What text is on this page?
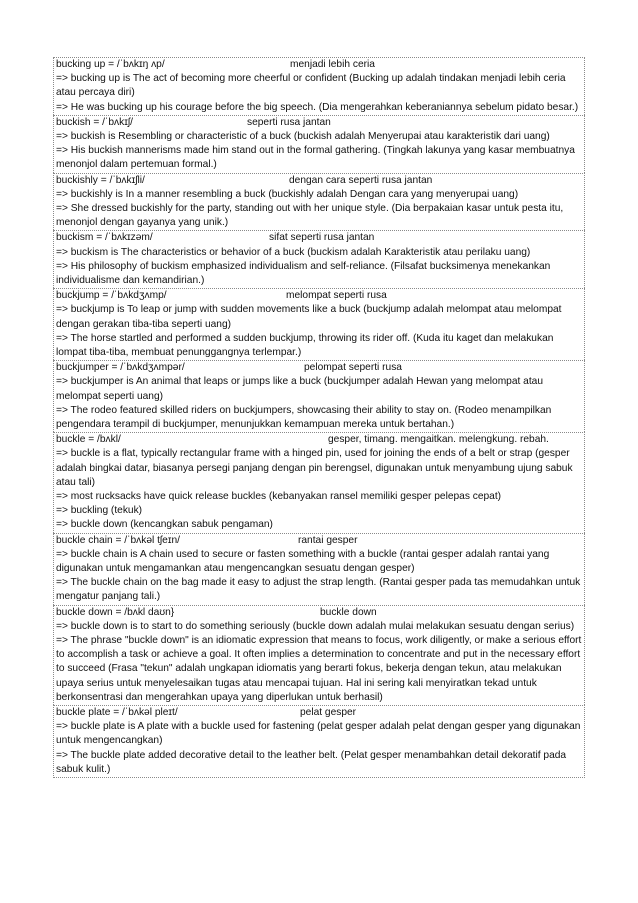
bucking up = /ˈbʌkɪŋ ʌp/	menjadi lebih ceria
=> bucking up is The act of becoming more cheerful or confident (Bucking up adalah tindakan menjadi lebih ceria atau percaya diri)
=> He was bucking up his courage before the big speech. (Dia mengerahkan keberaniannya sebelum pidato besar.)
buckish = /ˈbʌkɪʃ/	seperti rusa jantan
=> buckish is Resembling or characteristic of a buck (buckish adalah Menyerupai atau karakteristik dari uang)
=> His buckish mannerisms made him stand out in the formal gathering. (Tingkah lakunya yang kasar membuatnya menonjol dalam pertemuan formal.)
buckishly = /ˈbʌkɪʃli/	dengan cara seperti rusa jantan
=> buckishly is In a manner resembling a buck (buckishly adalah Dengan cara yang menyerupai uang)
=> She dressed buckishly for the party, standing out with her unique style. (Dia berpakaian kasar untuk pesta itu, menonjol dengan gayanya yang unik.)
buckism = /ˈbʌkɪzəm/	sifat seperti rusa jantan
=> buckism is The characteristics or behavior of a buck (buckism adalah Karakteristik atau perilaku uang)
=> His philosophy of buckism emphasized individualism and self-reliance. (Filsafat bucksimenya menekankan individualisme dan kemandirian.)
buckjump = /ˈbʌkdʒʌmp/	melompat seperti rusa
=> buckjump is To leap or jump with sudden movements like a buck (buckjump adalah melompat atau melompat dengan gerakan tiba-tiba seperti uang)
=> The horse startled and performed a sudden buckjump, throwing its rider off. (Kuda itu kaget dan melakukan lompat tiba-tiba, membuat penunggangnya terlempar.)
buckjumper = /ˈbʌkdʒʌmpər/	pelompat seperti rusa
=> buckjumper is An animal that leaps or jumps like a buck (buckjumper adalah Hewan yang melompat atau melompat seperti uang)
=> The rodeo featured skilled riders on buckjumpers, showcasing their ability to stay on. (Rodeo menampilkan pengendara terampil di buckjumper, menunjukkan kemampuan mereka untuk bertahan.)
buckle = /bʌkl/	gesper, timang. mengaitkan. melengkung. rebah.
=> buckle is a flat, typically rectangular frame with a hinged pin, used for joining the ends of a belt or strap (gesper adalah bingkai datar, biasanya persegi panjang dengan pin berengsel, digunakan untuk menyambung ujung sabuk atau tali)
=> most rucksacks have quick release buckles (kebanyakan ransel memiliki gesper pelepas cepat)
=> buckling (tekuk)
=> buckle down (kencangkan sabuk pengaman)
buckle chain = /ˈbʌkəl tʃeɪn/	rantai gesper
=> buckle chain is A chain used to secure or fasten something with a buckle (rantai gesper adalah rantai yang digunakan untuk mengamankan atau mengencangkan sesuatu dengan gesper)
=> The buckle chain on the bag made it easy to adjust the strap length. (Rantai gesper pada tas memudahkan untuk mengatur panjang tali.)
buckle down = /bʌkl daʊn}	buckle down
=> buckle down is to start to do something seriously (buckle down adalah mulai melakukan sesuatu dengan serius)
=> The phrase "buckle down" is an idiomatic expression that means to focus, work diligently, or make a serious effort to accomplish a task or achieve a goal. It often implies a determination to concentrate and put in the necessary effort to succeed (Frasa "tekun" adalah ungkapan idiomatis yang berarti fokus, bekerja dengan tekun, atau melakukan upaya serius untuk menyelesaikan tugas atau mencapai tujuan. Hal ini sering kali menyiratkan tekad untuk berkonsentrasi dan mengerahkan upaya yang diperlukan untuk berhasil)
buckle plate = /ˈbʌkəl pleɪt/	pelat gesper
=> buckle plate is A plate with a buckle used for fastening (pelat gesper adalah pelat dengan gesper yang digunakan untuk mengencangkan)
=> The buckle plate added decorative detail to the leather belt. (Pelat gesper menambahkan detail dekoratif pada sabuk kulit.)
